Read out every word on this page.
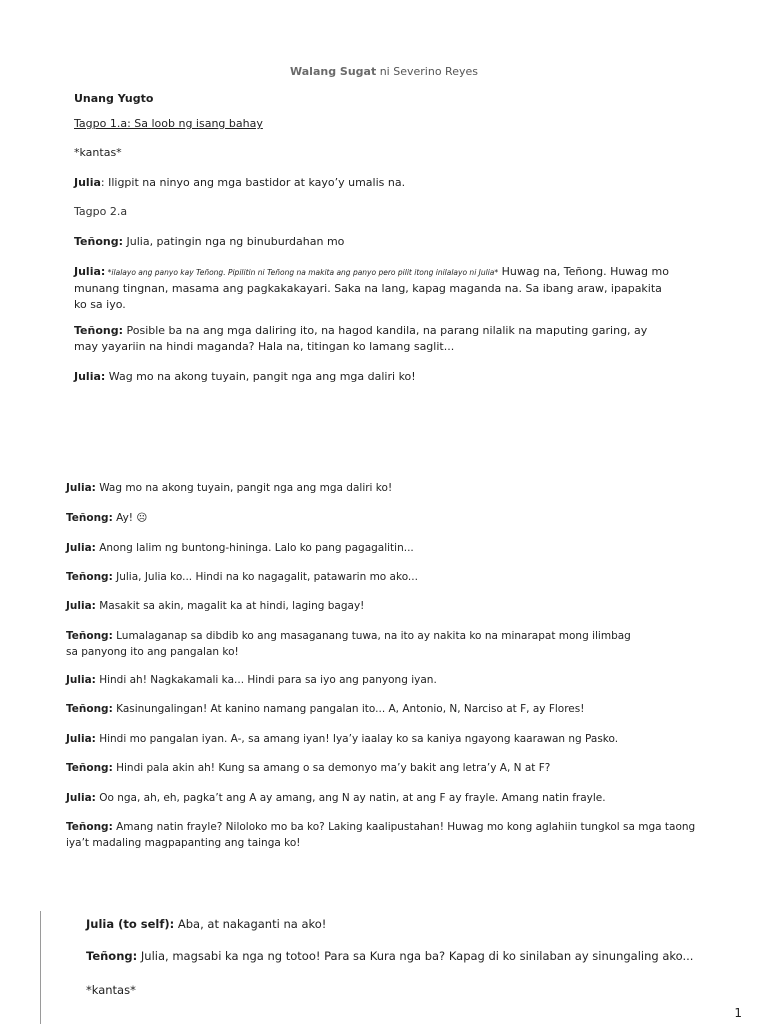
Walang Sugat ni Severino Reyes

Unang Yugto

Tagpo 1.a: Sa loob ng isang bahay

*kantas*

Julia: Iligpit na ninyo ang mga bastidor at kayo’y umalis na.

Tagpo 2.a

Teñong: Julia, patingin nga ng binuburdahan mo

Julia: *ilalayo ang panyo kay Teñong. Pipilitin ni Teñong na makita ang panyo pero pilit itong inilalayo ni Julia* Huwag na, Teñong. Huwag mo munang tingnan, masama ang pagkakakayari. Saka na lang, kapag maganda na. Sa ibang araw, ipapakita ko sa iyo.

Teñong: Posible ba na ang mga daliring ito, na hagod kandila, na parang nilalik na maputing garing, ay may yayariin na hindi maganda? Hala na, titingan ko lamang saglit...

Julia: Wag mo na akong tuyain, pangit nga ang mga daliri ko!

Julia: Wag mo na akong tuyain, pangit nga ang mga daliri ko!

Teñong: Ay! ☹

Julia: Anong lalim ng buntong-hininga. Lalo ko pang pagagalitin...

Teñong: Julia, Julia ko... Hindi na ko nagagalit, patawarin mo ako...

Julia: Masakit sa akin, magalit ka at hindi, laging bagay!

Teñong: Lumalaganap sa dibdib ko ang masaganang tuwa, na ito ay nakita ko na minarapat mong ilimbag sa panyong ito ang pangalan ko!

Julia: Hindi ah! Nagkakamali ka... Hindi para sa iyo ang panyong iyan.

Teñong: Kasinungalingan! At kanino namang pangalan ito... A, Antonio, N, Narciso at F, ay Flores!

Julia: Hindi mo pangalan iyan. A-, sa amang iyan! Iya’y iaalay ko sa kaniya ngayong kaarawan ng Pasko.

Teñong: Hindi pala akin ah! Kung sa amang o sa demonyo ma’y bakit ang letra’y A, N at F?

Julia: Oo nga, ah, eh, pagka’t ang A ay amang, ang N ay natin, at ang F ay frayle. Amang natin frayle.

Teñong: Amang natin frayle? Niloloko mo ba ko? Laking kaalipustahan! Huwag mo kong aglahiin tungkol sa mga taong iya’t madaling magpapanting ang tainga ko!

Julia (to self): Aba, at nakaganti na ako!

Teñong: Julia, magsabi ka nga ng totoo! Para sa Kura nga ba? Kapag di ko sinilaban ay sinungaling ako...

*kantas*

1
